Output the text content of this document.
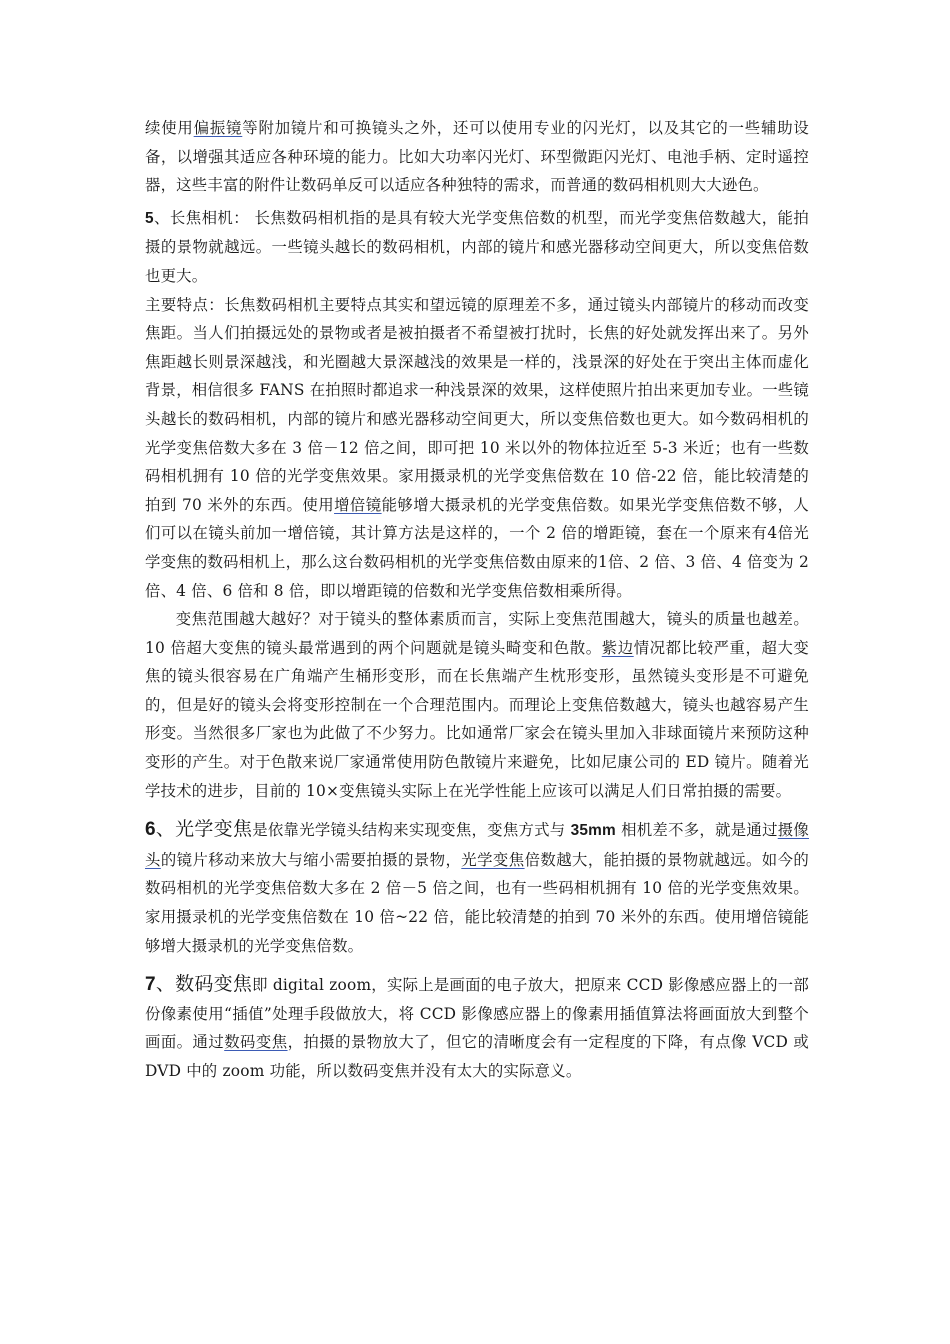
续使用偏振镜等附加镜片和可换镜头之外，还可以使用专业的闪光灯，以及其它的一些辅助设备，以增强其适应各种环境的能力。比如大功率闪光灯、环型微距闪光灯、电池手柄、定时遥控器，这些丰富的附件让数码单反可以适应各种独特的需求，而普通的数码相机则大大逊色。

5、长焦相机： 长焦数码相机指的是具有较大光学变焦倍数的机型，而光学变焦倍数越大，能拍摄的景物就越远。一些镜头越长的数码相机，内部的镜片和感光器移动空间更大，所以变焦倍数也更大。

主要特点：长焦数码相机主要特点其实和望远镜的原理差不多，通过镜头内部镜片的移动而改变焦距。当人们拍摄远处的景物或者是被拍摄者不希望被打扰时，长焦的好处就发挥出来了。另外焦距越长则景深越浅，和光圈越大景深越浅的效果是一样的，浅景深的好处在于突出主体而虚化背景，相信很多 FANS 在拍照时都追求一种浅景深的效果，这样使照片拍出来更加专业。一些镜头越长的数码相机，内部的镜片和感光器移动空间更大，所以变焦倍数也更大。如今数码相机的光学变焦倍数大多在 3 倍－12 倍之间，即可把 10 米以外的物体拉近至 5-3 米近；也有一些数码相机拥有 10 倍的光学变焦效果。家用摄录机的光学变焦倍数在 10 倍-22 倍，能比较清楚的拍到 70 米外的东西。使用增倍镜能够增大摄录机的光学变焦倍数。如果光学变焦倍数不够，人们可以在镜头前加一增倍镜，其计算方法是这样的，一个 2 倍的增距镜，套在一个原来有4倍光学变焦的数码相机上，那么这台数码相机的光学变焦倍数由原来的1倍、2 倍、3 倍、4 倍变为 2 倍、4 倍、6 倍和 8 倍，即以增距镜的倍数和光学变焦倍数相乘所得。

变焦范围越大越好？对于镜头的整体素质而言，实际上变焦范围越大，镜头的质量也越差。10 倍超大变焦的镜头最常遇到的两个问题就是镜头畸变和色散。紫边情况都比较严重，超大变焦的镜头很容易在广角端产生桶形变形，而在长焦端产生枕形变形，虽然镜头变形是不可避免的，但是好的镜头会将变形控制在一个合理范围内。而理论上变焦倍数越大，镜头也越容易产生形变。当然很多厂家也为此做了不少努力。比如通常厂家会在镜头里加入非球面镜片来预防这种变形的产生。对于色散来说厂家通常使用防色散镜片来避免，比如尼康公司的 ED 镜片。随着光学技术的进步，目前的 10×变焦镜头实际上在光学性能上应该可以满足人们日常拍摄的需要。

6、光学变焦是依靠光学镜头结构来实现变焦，变焦方式与 35mm 相机差不多，就是通过摄像头的镜片移动来放大与缩小需要拍摄的景物，光学变焦倍数越大，能拍摄的景物就越远。如今的数码相机的光学变焦倍数大多在 2 倍－5 倍之间，也有一些码相机拥有 10 倍的光学变焦效果。家用摄录机的光学变焦倍数在 10 倍~22 倍，能比较清楚的拍到 70 米外的东西。使用增倍镜能够增大摄录机的光学变焦倍数。

7、数码变焦即 digital zoom，实际上是画面的电子放大，把原来 CCD 影像感应器上的一部份像素使用“插值”处理手段做放大，将 CCD 影像感应器上的像素用插值算法将画面放大到整个画面。通过数码变焦，拍摄的景物放大了，但它的清晰度会有一定程度的下降，有点像 VCD 或 DVD 中的 zoom 功能，所以数码变焦并没有太大的实际意义。
